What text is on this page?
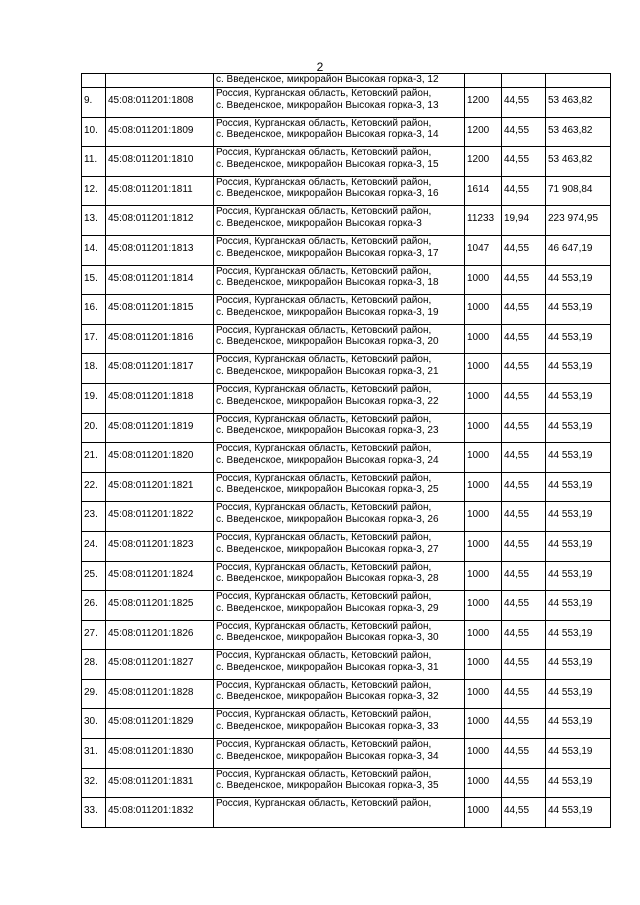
2
		с. Введенское, микрорайон Высокая горка-3, 12			
9.	45:08:011201:1808	Россия, Курганская область, Кетовский район,
с. Введенское, микрорайон Высокая горка-3, 13	1200	44,55	53 463,82
10.	45:08:011201:1809	Россия, Курганская область, Кетовский район,
с. Введенское, микрорайон Высокая горка-3, 14	1200	44,55	53 463,82
11.	45:08:011201:1810	Россия, Курганская область, Кетовский район,
с. Введенское, микрорайон Высокая горка-3, 15	1200	44,55	53 463,82
12.	45:08:011201:1811	Россия, Курганская область, Кетовский район,
с. Введенское, микрорайон Высокая горка-3, 16	1614	44,55	71 908,84
13.	45:08:011201:1812	Россия, Курганская область, Кетовский район,
с. Введенское, микрорайон Высокая горка-3	11233	19,94	223 974,95
14.	45:08:011201:1813	Россия, Курганская область, Кетовский район,
с. Введенское, микрорайон Высокая горка-3, 17	1047	44,55	46 647,19
15.	45:08:011201:1814	Россия, Курганская область, Кетовский район,
с. Введенское, микрорайон Высокая горка-3, 18	1000	44,55	44 553,19
16.	45:08:011201:1815	Россия, Курганская область, Кетовский район,
с. Введенское, микрорайон Высокая горка-3, 19	1000	44,55	44 553,19
17.	45:08:011201:1816	Россия, Курганская область, Кетовский район,
с. Введенское, микрорайон Высокая горка-3, 20	1000	44,55	44 553,19
18.	45:08:011201:1817	Россия, Курганская область, Кетовский район,
с. Введенское, микрорайон Высокая горка-3, 21	1000	44,55	44 553,19
19.	45:08:011201:1818	Россия, Курганская область, Кетовский район,
с. Введенское, микрорайон Высокая горка-3, 22	1000	44,55	44 553,19
20.	45:08:011201:1819	Россия, Курганская область, Кетовский район,
с. Введенское, микрорайон Высокая горка-3, 23	1000	44,55	44 553,19
21.	45:08:011201:1820	Россия, Курганская область, Кетовский район,
с. Введенское, микрорайон Высокая горка-3, 24	1000	44,55	44 553,19
22.	45:08:011201:1821	Россия, Курганская область, Кетовский район,
с. Введенское, микрорайон Высокая горка-3, 25	1000	44,55	44 553,19
23.	45:08:011201:1822	Россия, Курганская область, Кетовский район,
с. Введенское, микрорайон Высокая горка-3, 26	1000	44,55	44 553,19
24.	45:08:011201:1823	Россия, Курганская область, Кетовский район,
с. Введенское, микрорайон Высокая горка-3, 27	1000	44,55	44 553,19
25.	45:08:011201:1824	Россия, Курганская область, Кетовский район,
с. Введенское, микрорайон Высокая горка-3, 28	1000	44,55	44 553,19
26.	45:08:011201:1825	Россия, Курганская область, Кетовский район,
с. Введенское, микрорайон Высокая горка-3, 29	1000	44,55	44 553,19
27.	45:08:011201:1826	Россия, Курганская область, Кетовский район,
с. Введенское, микрорайон Высокая горка-3, 30	1000	44,55	44 553,19
28.	45:08:011201:1827	Россия, Курганская область, Кетовский район,
с. Введенское, микрорайон Высокая горка-3, 31	1000	44,55	44 553,19
29.	45:08:011201:1828	Россия, Курганская область, Кетовский район,
с. Введенское, микрорайон Высокая горка-3, 32	1000	44,55	44 553,19
30.	45:08:011201:1829	Россия, Курганская область, Кетовский район,
с. Введенское, микрорайон Высокая горка-3, 33	1000	44,55	44 553,19
31.	45:08:011201:1830	Россия, Курганская область, Кетовский район,
с. Введенское, микрорайон Высокая горка-3, 34	1000	44,55	44 553,19
32.	45:08:011201:1831	Россия, Курганская область, Кетовский район,
с. Введенское, микрорайон Высокая горка-3, 35	1000	44,55	44 553,19
33.	45:08:011201:1832	Россия, Курганская область, Кетовский район,	1000	44,55	44 553,19
